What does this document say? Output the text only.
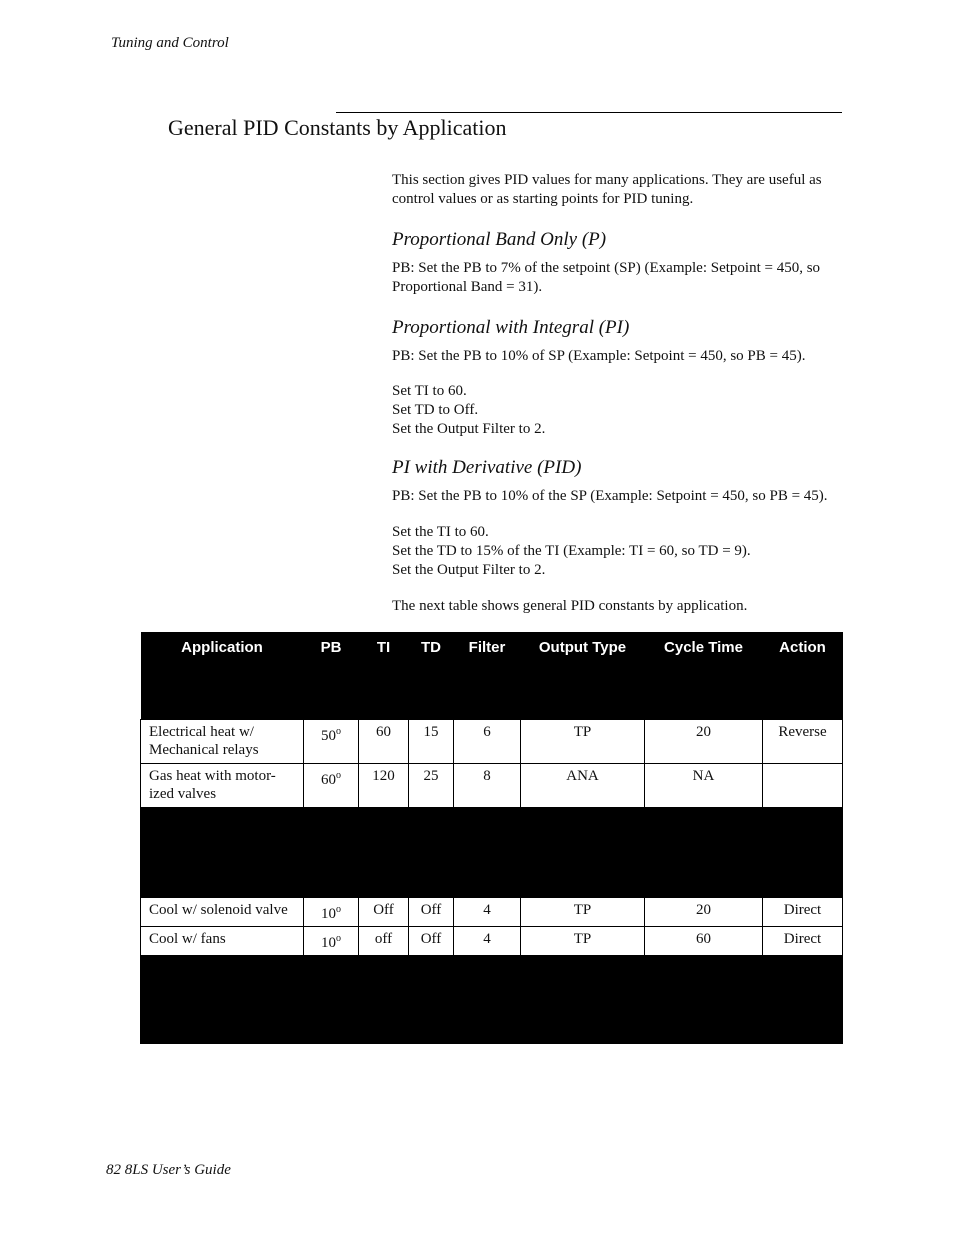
Tuning and Control
General PID Constants by Application

This section gives PID values for many applications. They are useful as control values or as starting points for PID tuning.

Proportional Band Only (P)

PB: Set the PB to 7% of the setpoint (SP) (Example: Setpoint = 450, so Proportional Band = 31).

Proportional with Integral (PI)

PB: Set the PB to 10% of SP (Example: Setpoint = 450, so PB = 45).

Set TI to 60.

Set TD to Off.

Set the Output Filter to 2.

PI with Derivative (PID)

PB: Set the PB to 10% of the SP (Example: Setpoint = 450, so PB = 45).

Set the TI to 60.

Set the TD to 15% of the TI (Example: TI = 60, so TD = 9).

Set the Output Filter to 2.

The next table shows general PID constants by application.

Application	PB	TI	TD	Filter	Output Type	Cycle Time	Action
Electrical heat w/ Mechanical relays	50$^o$	60	15	6	TP	20	Reverse
Gas heat with motor-ized valves	60$^o$	120	25	8	ANA	NA	

Cool w/ solenoid valve	10$^o$	Off	Off	4	TP	20	Direct
Cool w/ fans	10$^o$	off	Off	4	TP	60	Direct

82 8LS User’s Guide
